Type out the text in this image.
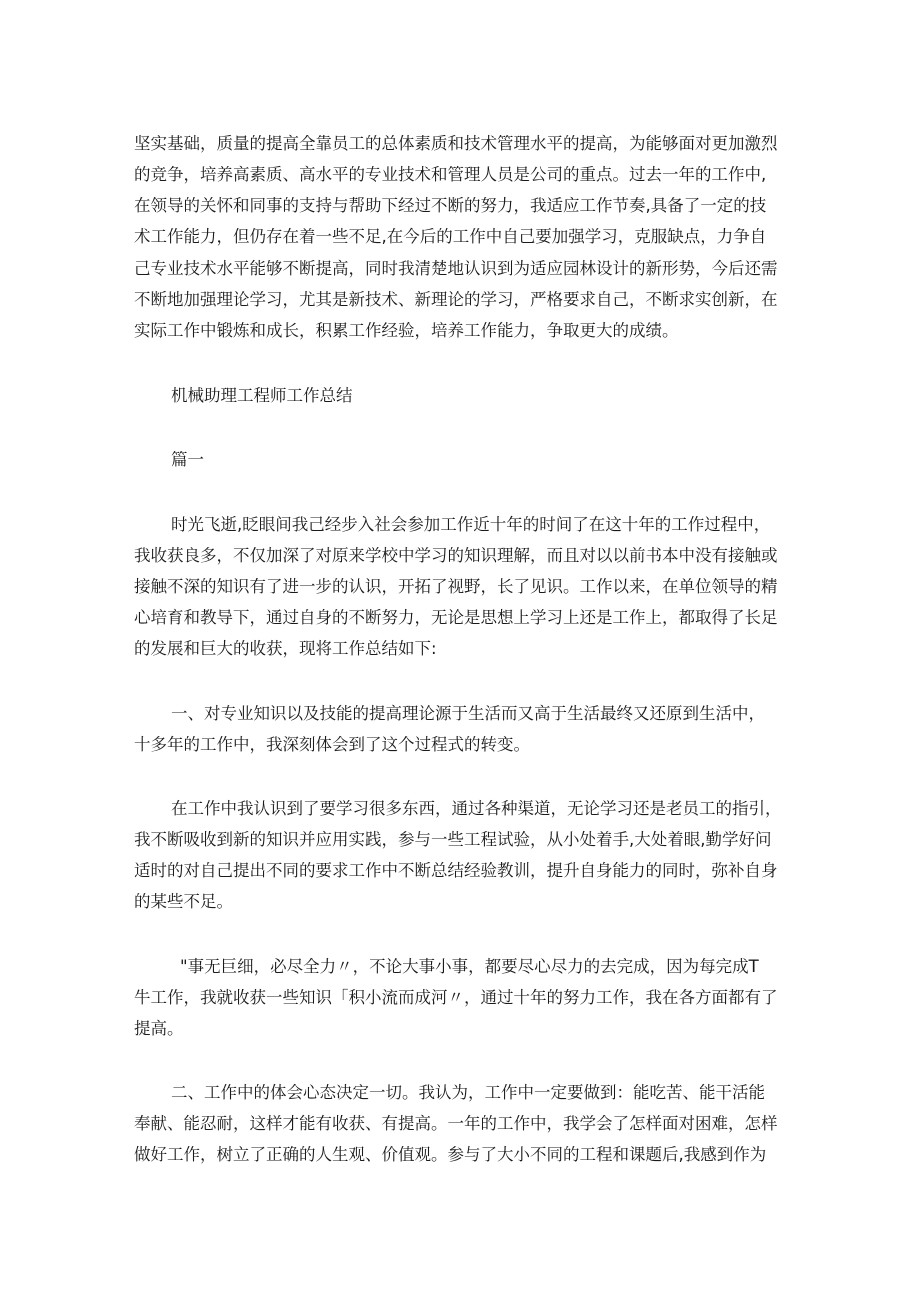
坚实基础，质量的提高全靠员工的总体素质和技术管理水平的提高，为能够面对更加激烈
的竞争，培养高素质、高水平的专业技术和管理人员是公司的重点。过去一年的工作中,
在领导的关怀和同事的支持与帮助下经过不断的努力，我适应工作节奏,具备了一定的技
术工作能力，但仍存在着一些不足,在今后的工作中自己要加强学习，克服缺点，力争自
己专业技术水平能够不断提高，同时我清楚地认识到为适应园林设计的新形势，今后还需
不断地加强理论学习，尤其是新技术、新理论的学习，严格要求自己，不断求实创新，在
实际工作中锻炼和成长，积累工作经验，培养工作能力，争取更大的成绩。
机械助理工程师工作总结
篇一
时光飞逝,眨眼间我己经步入社会参加工作近十年的时间了在这十年的工作过程中，
我收获良多，不仅加深了对原来学校中学习的知识理解，而且对以以前书本中没有接触或
接触不深的知识有了进一步的认识，开拓了视野，长了见识。工作以来，在单位领导的精
心培育和教导下，通过自身的不断努力，无论是思想上学习上还是工作上，都取得了长足
的发展和巨大的收获，现将工作总结如下:
一、对专业知识以及技能的提高理论源于生活而又高于生活最终又还原到生活中，
十多年的工作中，我深刻体会到了这个过程式的转变。
在工作中我认识到了要学习很多东西，通过各种渠道，无论学习还是老员工的指引，
我不断吸收到新的知识并应用实践，参与一些工程试验，从小处着手,大处着眼,勤学好问
适时的对自己提出不同的要求工作中不断总结经验教训，提升自身能力的同时，弥补自身
的某些不足。
"事无巨细，必尽全力〃，不论大事小事，都要尽心尽力的去完成，因为每完成T
牛工作，我就收获一些知识「积小流而成河〃，通过十年的努力工作，我在各方面都有了
提高。
二、工作中的体会心态决定一切。我认为，工作中一定要做到：能吃苦、能干活能
奉献、能忍耐，这样才能有收获、有提高。一年的工作中，我学会了怎样面对困难，怎样
做好工作，树立了正确的人生观、价值观。参与了大小不同的工程和课题后,我感到作为
